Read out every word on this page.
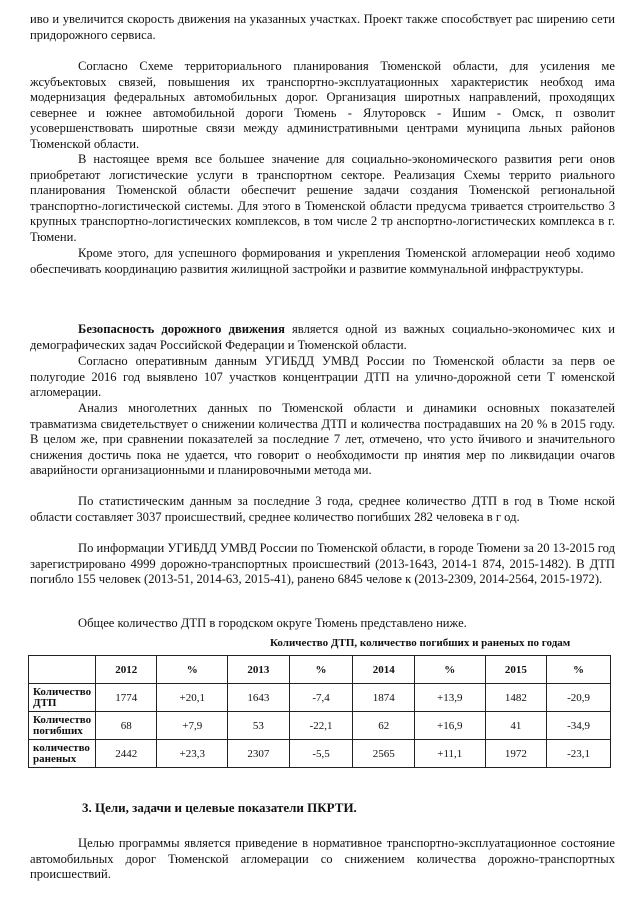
иво и увеличится скорость движения на указанных участках. Проект также способствует рас ширению сети придорожного сервиса.

Согласно Схеме территориального планирования Тюменской области, для усиления ме жсубъектовых связей, повышения их транспортно-эксплуатационных характеристик необход има модернизация федеральных автомобильных дорог. Организация широтных направлений, проходящих севернее и южнее автомобильной дороги Тюмень - Ялуторовск - Ишим - Омск, п озволит усовершенствовать широтные связи между административными центрами муниципа льных районов Тюменской области.

В настоящее время все большее значение для социально-экономического развития реги онов приобретают логистические услуги в транспортном секторе. Реализация Схемы террито риального планирования Тюменской области обеспечит решение задачи создания Тюменской региональной транспортно-логистической системы. Для этого в Тюменской области предусма тривается строительство 3 крупных транспортно-логистических комплексов, в том числе 2 тр анспортно-логистических комплекса в г. Тюмени.

Кроме этого, для успешного формирования и укрепления Тюменской агломерации необ ходимо обеспечивать координацию развития жилищной застройки и развитие коммунальной инфраструктуры.

Безопасность дорожного движения является одной из важных социально-экономичес ких и демографических задач Российской Федерации и Тюменской области.

Согласно оперативным данным УГИБДД УМВД России по Тюменской области за перв ое полугодие 2016 год выявлено 107 участков концентрации ДТП на улично-дорожной сети Т юменской агломерации.

Анализ многолетних данных по Тюменской области и динамики основных показателей травматизма свидетельствует о снижении количества ДТП и количества пострадавших на 20 % в 2015 году. В целом же, при сравнении показателей за последние 7 лет, отмечено, что усто йчивого и значительного снижения достичь пока не удается, что говорит о необходимости пр инятия мер по ликвидации очагов аварийности организационными и планировочными метода ми.

По статистическим данным за последние 3 года, среднее количество ДТП в год в Тюме нской области составляет 3037 происшествий, среднее количество погибших 282 человека в г од.

По информации УГИБДД УМВД России по Тюменской области, в городе Тюмени за 20 13-2015 год зарегистрировано 4999 дорожно-транспортных происшествий (2013-1643, 2014-1 874, 2015-1482). В ДТП погибло 155 человек (2013-51, 2014-63, 2015-41), ранено 6845 челове к (2013-2309, 2014-2564, 2015-1972).

Общее количество ДТП в городском округе Тюмень представлено ниже.

Количество ДТП, количество погибших и раненых по годам

	2012	%	2013	%	2014	%	2015	%
Количество ДТП	1774	+20,1	1643	-7,4	1874	+13,9	1482	-20,9
Количество погибших	68	+7,9	53	-22,1	62	+16,9	41	-34,9
количество раненых	2442	+23,3	2307	-5,5	2565	+11,1	1972	-23,1

3. Цели, задачи и целевые показатели ПКРТИ.

Целью программы является приведение в нормативное транспортно-эксплуатационное состояние автомобильных дорог Тюменской агломерации со снижением количества дорожно-транспортных происшествий.
